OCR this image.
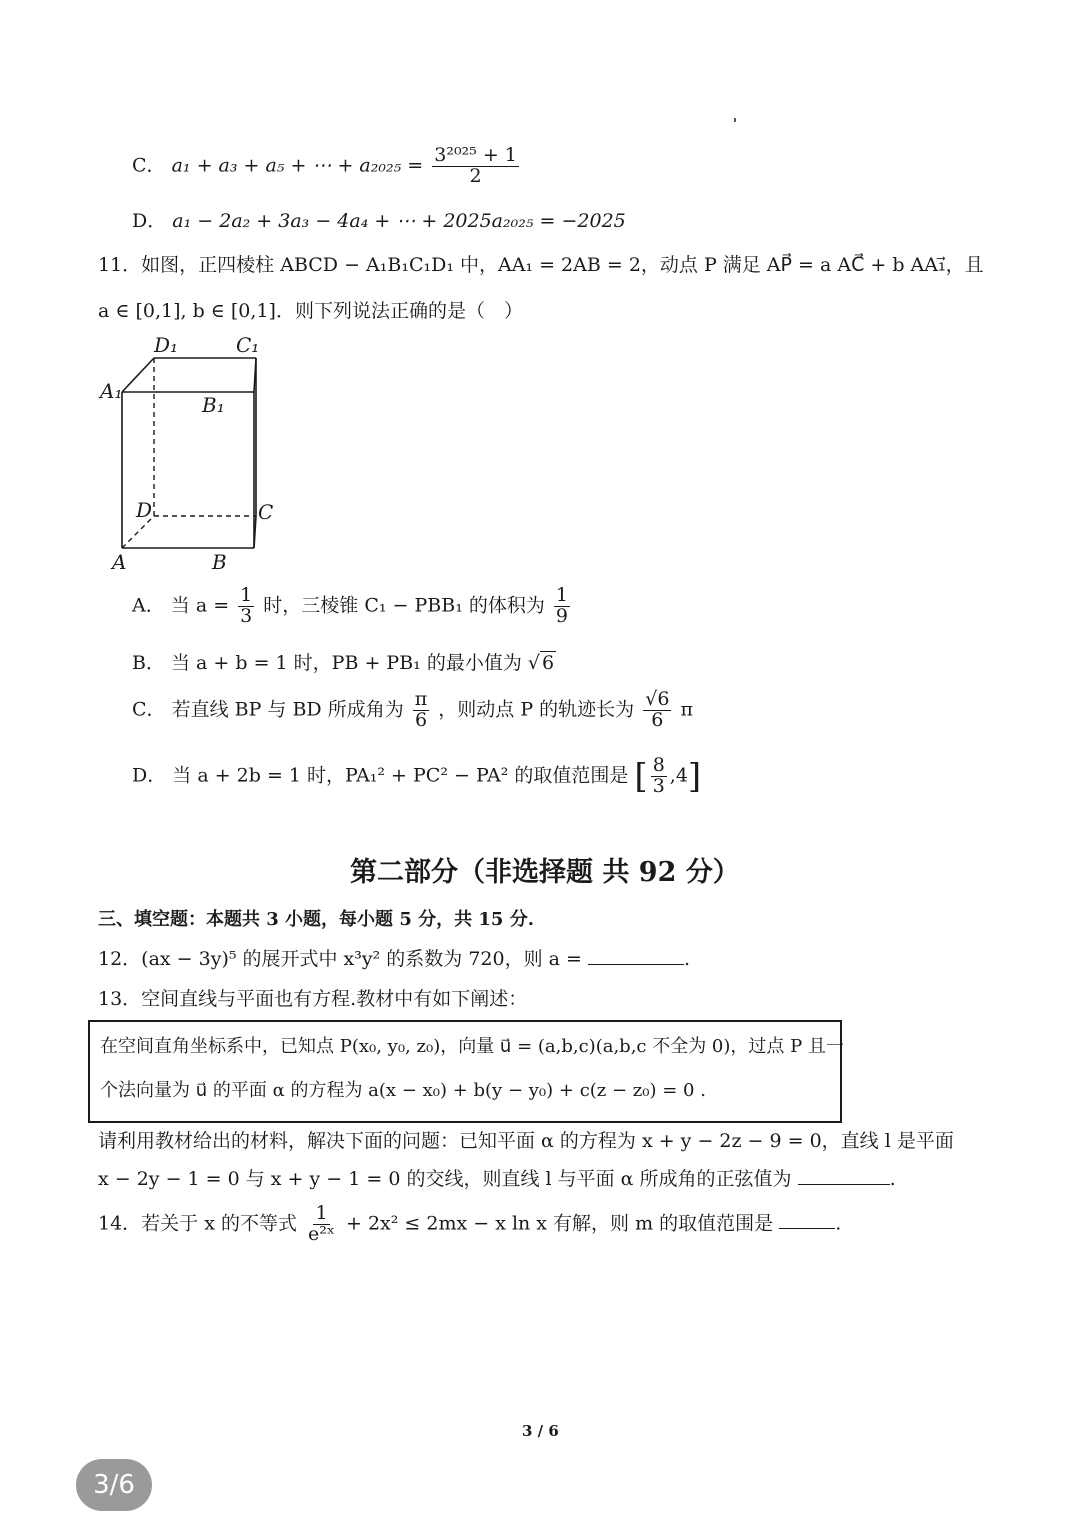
C． a₁ + a₃ + a₅ + ⋯ + $a_{2025} = \frac{\text{3²⁰²⁵ + 1}}{2}$
D． a₁ − 2a₂ + 3a₃ − 4a₄ + ⋯ + 2025a₂₀₂₅ = −2025
11．如图，正四棱柱 ABCD − A₁B₁C₁D₁ 中，AA₁ = 2AB = 2，动点 P 满足 AP⃗ = a AC⃗ + b AA₁⃗，且
a ∈ [0,1], b ∈ [0,1]．则下列说法正确的是（　）
D₁	C₁
A₁
B₁
D	C
A	B
A． 当 $a = \frac{1}{3}$ 时，三棱锥 C₁ − PBB₁ 的体积为 $\frac{1}{9}$
B． 当 a + b = 1 时，PB + PB₁ 的最小值为 √ 6
C． 若直线 BP 与 BD 所成角为 $\frac{\pi}{6}$ ，则动点 P 的轨迹长为 $\frac{√6}{6}$ π
D． 当 a + 2b = 1 时，PA₁² + PC² − PA² 的取值范围是 [ $\frac{8}{3} ,4$]
第二部分（非选择题 共 92 分）
三、填空题：本题共 3 小题，每小题 5 分，共 15 分.
12．(ax − 3y)⁵ 的展开式中 x³y² 的系数为 720，则 a =	.
13．空间直线与平面也有方程.教材中有如下阐述：
在空间直角坐标系中，已知点 P(x₀, y₀, z₀)，向量 u⃗ = (a,b,c)(a,b,c 不全为 0)，过点 P 且一
个法向量为 u⃗ 的平面 α 的方程为 a(x − x₀) + b(y − y₀) + c(z − z₀) = 0 .
请利用教材给出的材料，解决下面的问题：已知平面 α 的方程为 x + y − 2z − 9 = 0，直线 l 是平面
x − 2y − 1 = 0 与 x + y − 1 = 0 的交线，则直线 l 与平面 α 所成角的正弦值为	.
14．若关于 x 的不等式 $\frac{1}{\text{e²ˣ}} + 2x^2 \le 2mx - x$ ln x 有解，则 m 的取值范围是	.
3 / 6
3/6
